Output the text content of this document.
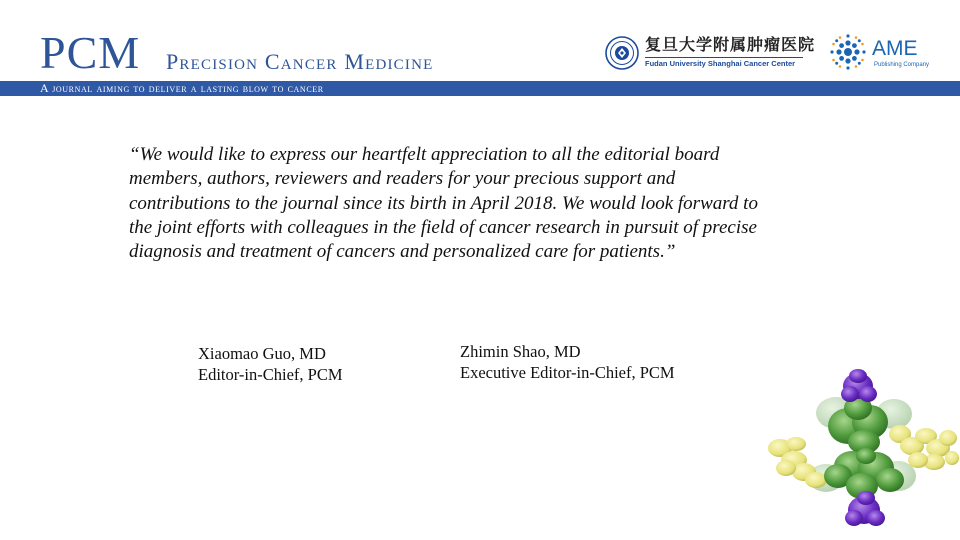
PCM Precision Cancer Medicine
复旦大学附属肿瘤医院
Fudan University Shanghai Cancer Center
AME
Publishing Company
A journal aiming to deliver a lasting blow to cancer

“We would like to express our heartfelt appreciation to all the editorial board members, authors, reviewers and readers for your precious support and contributions to the journal since its birth in April 2018. We would look forward to the joint efforts with colleagues in the field of cancer research in pursuit of precise diagnosis and treatment of cancers and personalized care for patients.”

Xiaomao Guo, MD
Editor-in-Chief, PCM
Zhimin Shao, MD
Executive Editor-in-Chief, PCM
